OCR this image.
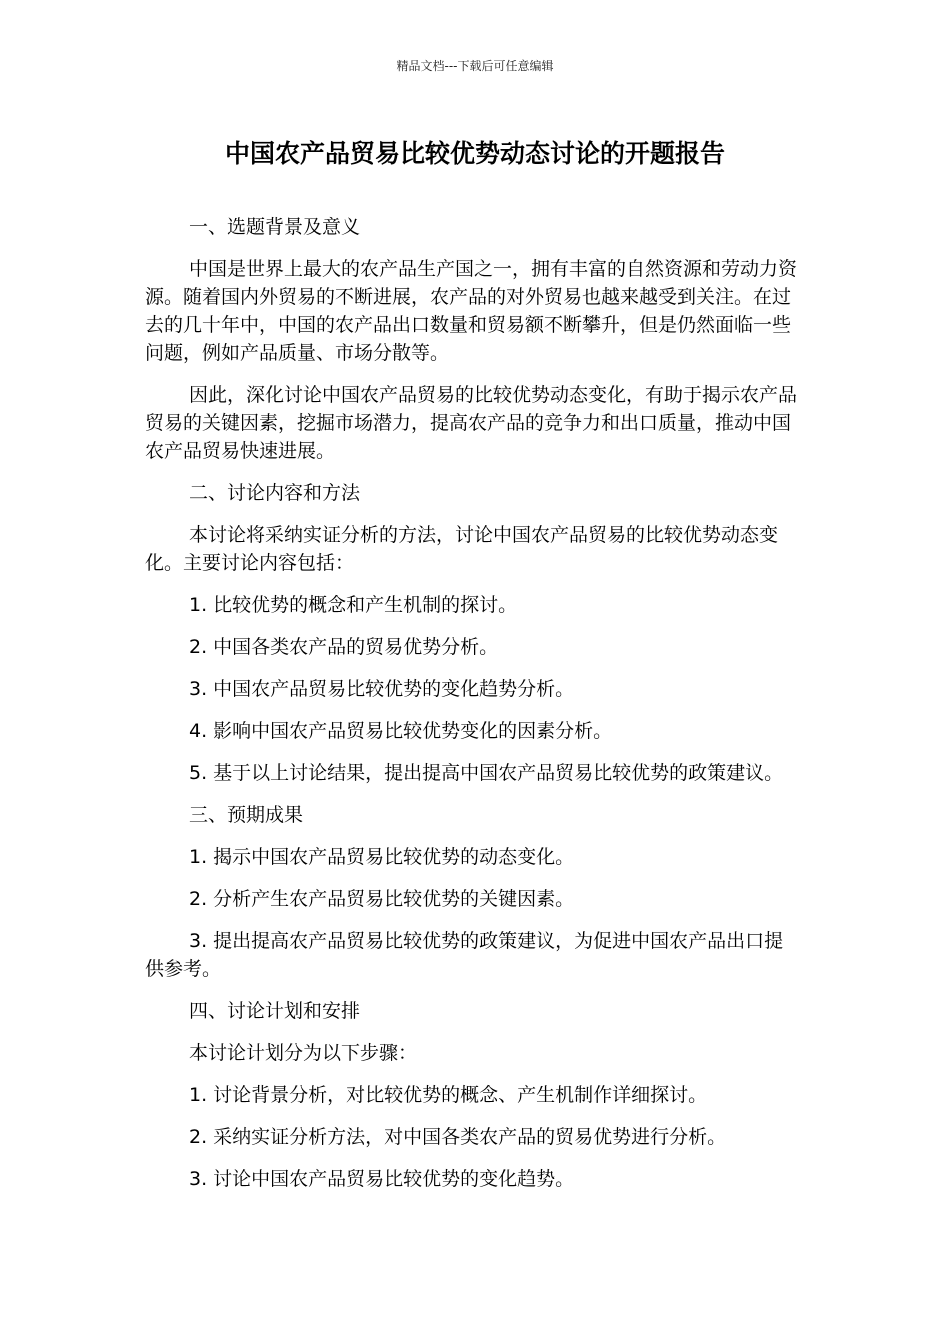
精品文档---下载后可任意编辑
中国农产品贸易比较优势动态讨论的开题报告

一、选题背景及意义

中国是世界上最大的农产品生产国之一，拥有丰富的自然资源和劳动力资源。随着国内外贸易的不断进展，农产品的对外贸易也越来越受到关注。在过去的几十年中，中国的农产品出口数量和贸易额不断攀升，但是仍然面临一些问题，例如产品质量、市场分散等。

因此，深化讨论中国农产品贸易的比较优势动态变化，有助于揭示农产品贸易的关键因素，挖掘市场潜力，提高农产品的竞争力和出口质量，推动中国农产品贸易快速进展。

二、讨论内容和方法

本讨论将采纳实证分析的方法，讨论中国农产品贸易的比较优势动态变化。主要讨论内容包括：

1. 比较优势的概念和产生机制的探讨。

2. 中国各类农产品的贸易优势分析。

3. 中国农产品贸易比较优势的变化趋势分析。

4. 影响中国农产品贸易比较优势变化的因素分析。

5. 基于以上讨论结果，提出提高中国农产品贸易比较优势的政策建议。

三、预期成果

1. 揭示中国农产品贸易比较优势的动态变化。

2. 分析产生农产品贸易比较优势的关键因素。

3. 提出提高农产品贸易比较优势的政策建议，为促进中国农产品出口提供参考。

四、讨论计划和安排

本讨论计划分为以下步骤：

1. 讨论背景分析，对比较优势的概念、产生机制作详细探讨。

2. 采纳实证分析方法，对中国各类农产品的贸易优势进行分析。

3. 讨论中国农产品贸易比较优势的变化趋势。
